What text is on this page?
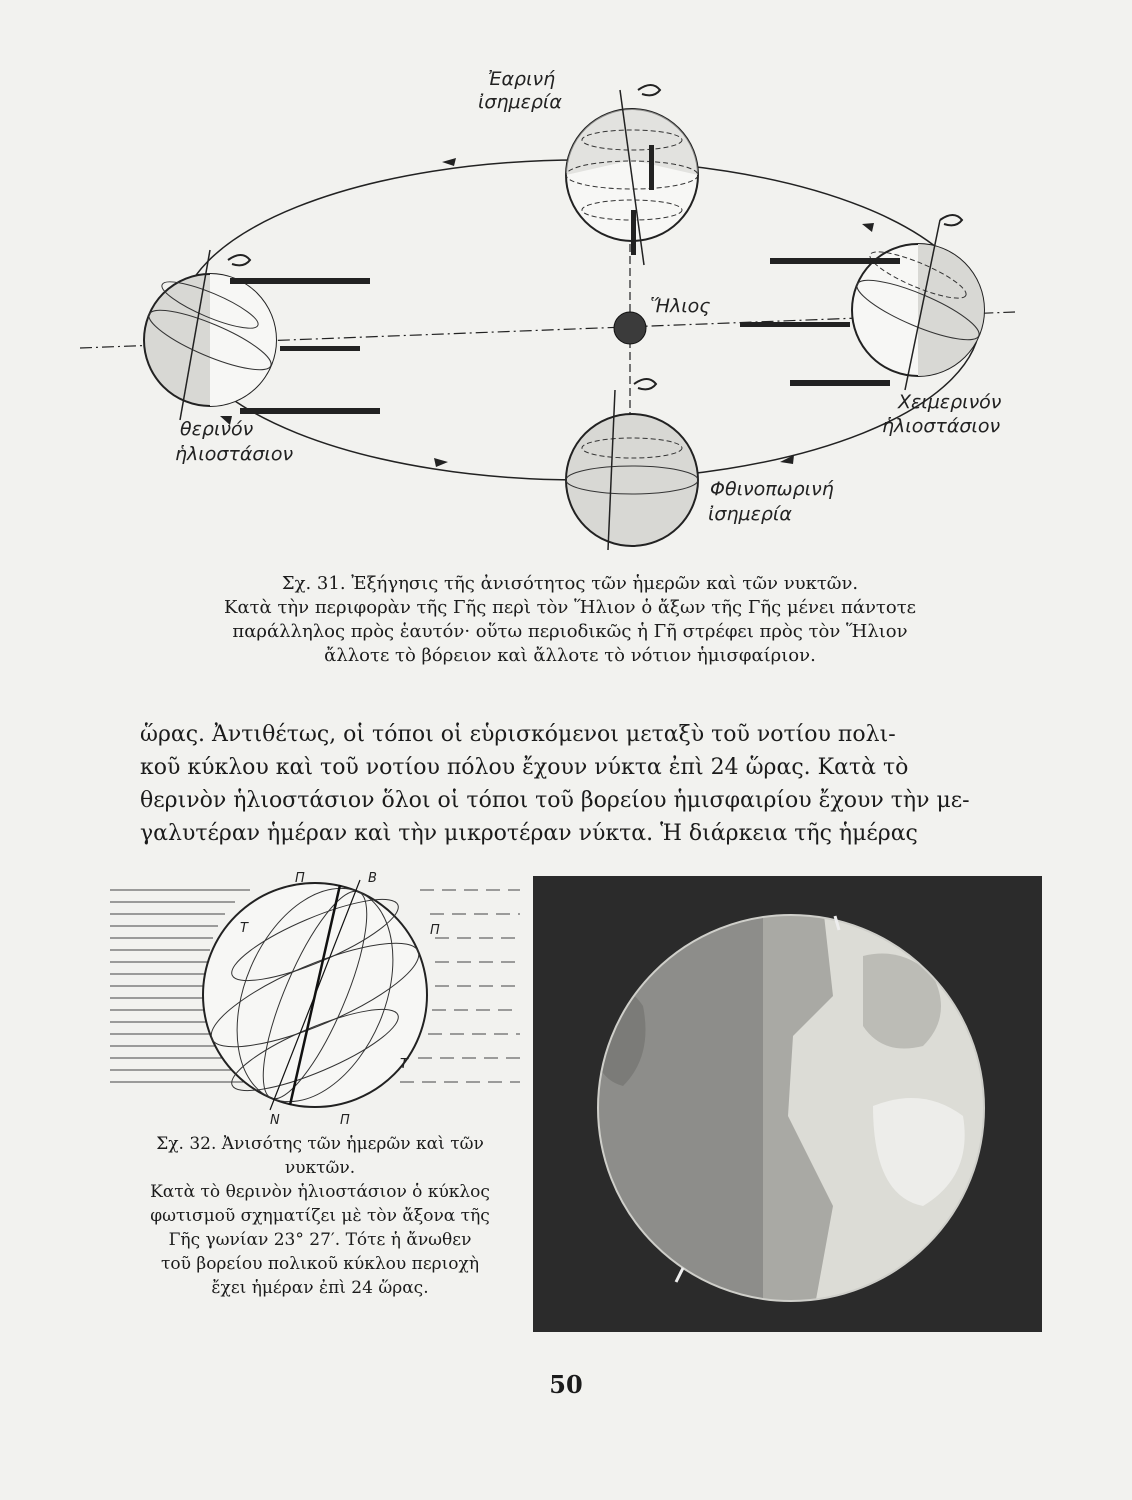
Ἐαρινή
ἰσημερία
Ἥλιος
θερινόν
ἡλιοστάσιον
Χειμερινόν
ἡλιοστάσιον
Φθινοπωρινή
ἰσημερία
Σχ. 31. Ἐξήγησις τῆς ἀνισότητος τῶν ἡμερῶν καὶ τῶν νυκτῶν.
Κατὰ τὴν περιφορὰν τῆς Γῆς περὶ τὸν Ἥλιον ὁ ἄξων τῆς Γῆς μένει πάντοτε
παράλληλος πρὸς ἑαυτόν· οὕτω περιοδικῶς ἡ Γῆ στρέφει πρὸς τὸν Ἥλιον
ἄλλοτε τὸ βόρειον καὶ ἄλλοτε τὸ νότιον ἡμισφαίριον.
ὥρας. Ἀντιθέτως, οἱ τόποι οἱ εὑρισκόμενοι μεταξὺ τοῦ νοτίου πολι-
κοῦ κύκλου καὶ τοῦ νοτίου πόλου ἔχουν νύκτα ἐπὶ 24 ὥρας. Κατὰ τὸ
θερινὸν ἡλιοστάσιον ὅλοι οἱ τόποι τοῦ βορείου ἡμισφαιρίου ἔχουν τὴν με-
γαλυτέραν ἡμέραν καὶ τὴν μικροτέραν νύκτα. Ἡ διάρκεια τῆς ἡμέρας
B
N
Π
Π
T	Π
T
Σχ. 32. Ἀνισότης τῶν ἡμερῶν καὶ τῶν
νυκτῶν.
Κατὰ τὸ θερινὸν ἡλιοστάσιον ὁ κύκλος
φωτισμοῦ σχηματίζει μὲ τὸν ἄξονα τῆς
Γῆς γωνίαν 23° 27′. Τότε ἡ ἄνωθεν
τοῦ βορείου πολικοῦ κύκλου περιοχὴ
ἔχει ἡμέραν ἐπὶ 24 ὥρας.
50
